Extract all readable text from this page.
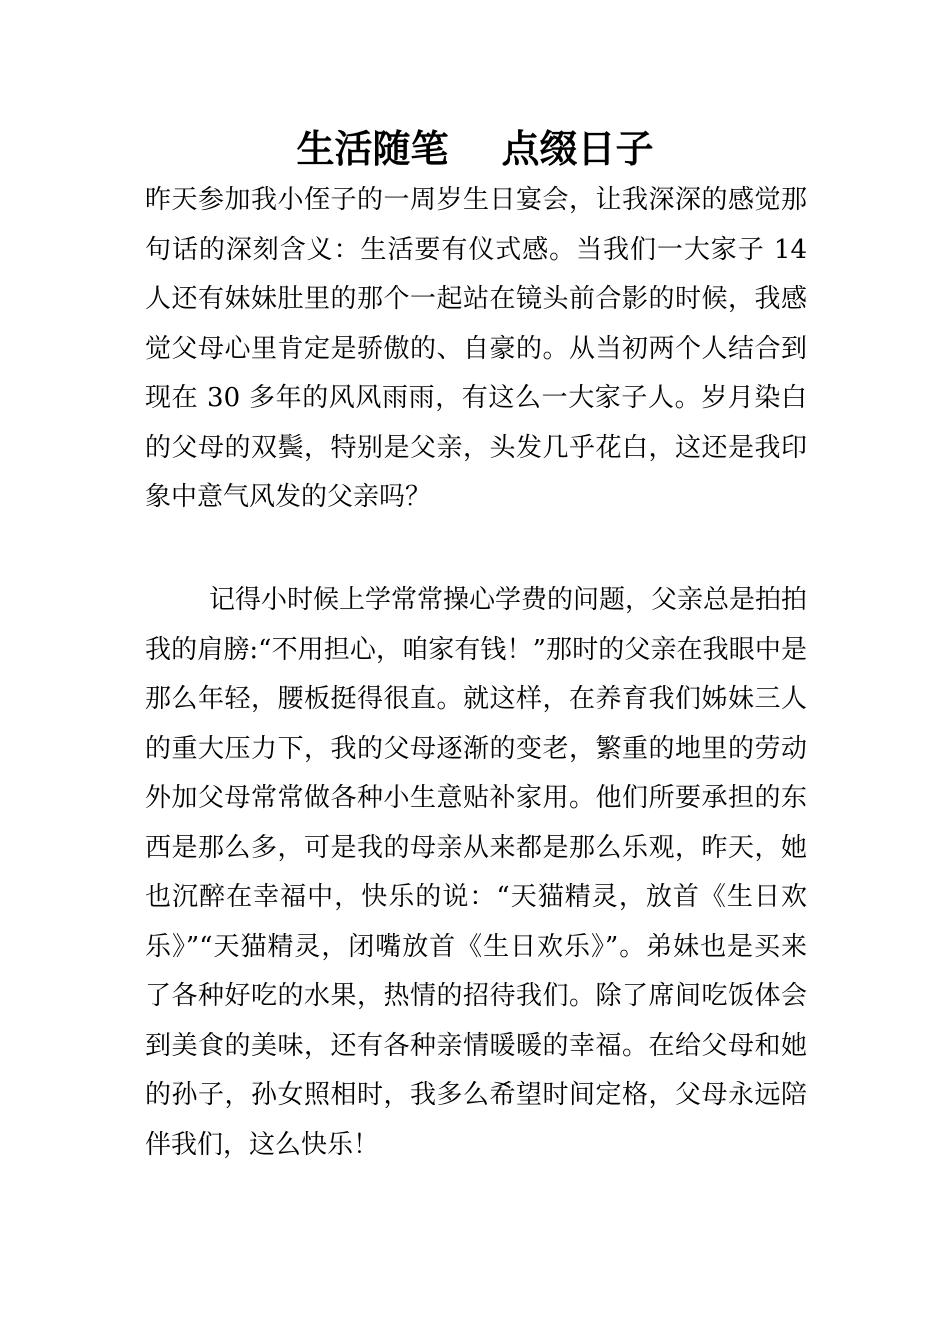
生活随笔    点缀日子

昨天参加我小侄子的一周岁生日宴会，让我深深的感觉那句话的深刻含义：生活要有仪式感。当我们一大家子 14 人还有妹妹肚里的那个一起站在镜头前合影的时候，我感觉父母心里肯定是骄傲的、自豪的。从当初两个人结合到现在 30 多年的风风雨雨，有这么一大家子人。岁月染白的父母的双鬓，特别是父亲，头发几乎花白，这还是我印象中意气风发的父亲吗？

记得小时候上学常常操心学费的问题，父亲总是拍拍我的肩膀:“不用担心，咱家有钱！”那时的父亲在我眼中是那么年轻，腰板挺得很直。就这样，在养育我们姊妹三人的重大压力下，我的父母逐渐的变老，繁重的地里的劳动外加父母常常做各种小生意贴补家用。他们所要承担的东西是那么多，可是我的母亲从来都是那么乐观，昨天，她也沉醉在幸福中，快乐的说：“天猫精灵，放首《生日欢乐》”“天猫精灵，闭嘴放首《生日欢乐》”。弟妹也是买来了各种好吃的水果，热情的招待我们。除了席间吃饭体会到美食的美味，还有各种亲情暖暖的幸福。在给父母和她的孙子，孙女照相时，我多么希望时间定格，父母永远陪伴我们，这么快乐！
